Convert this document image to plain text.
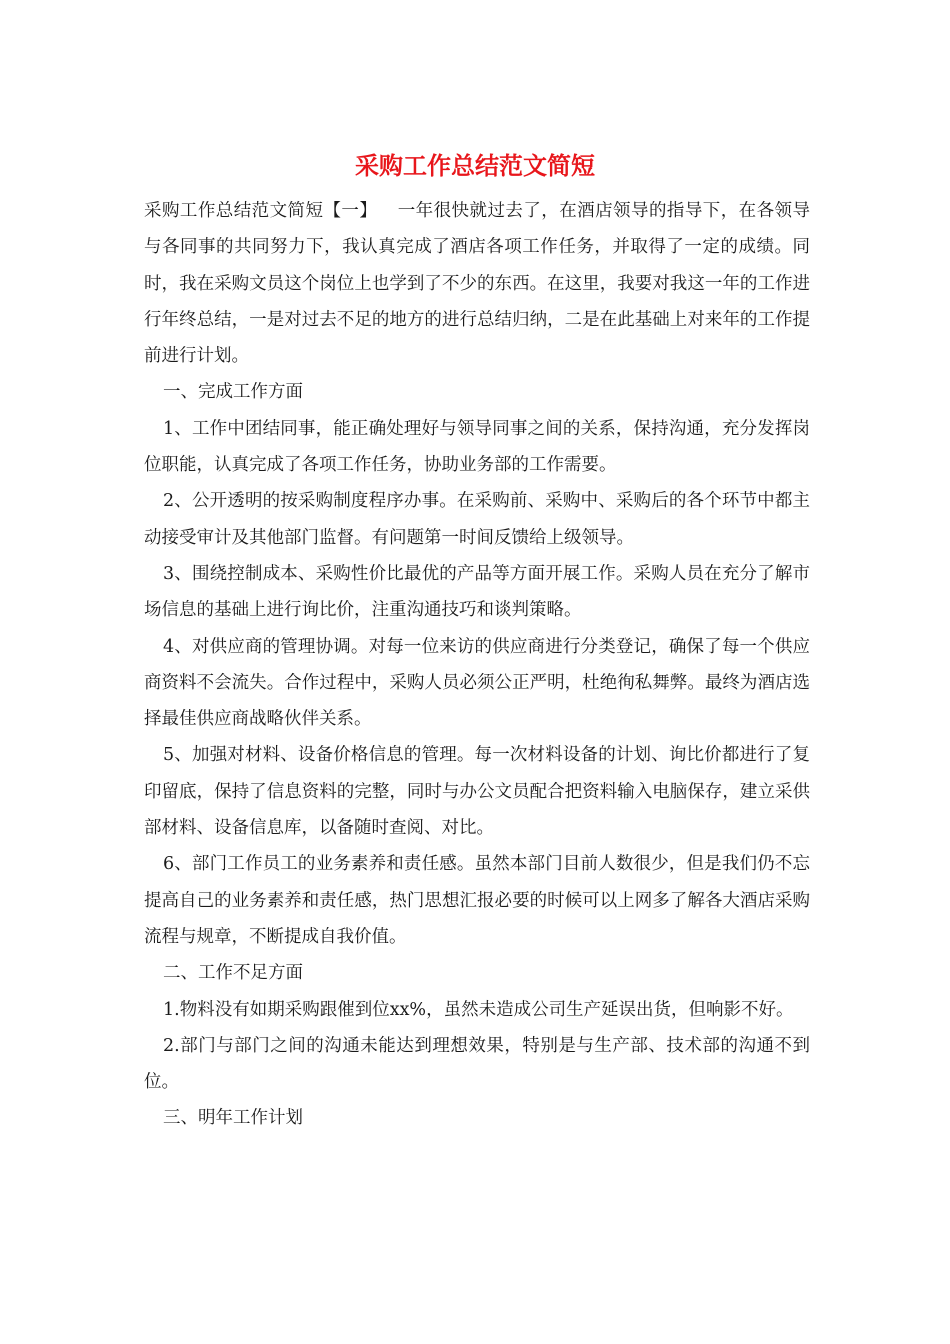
采购工作总结范文简短

采购工作总结范文简短【一】 一年很快就过去了，在酒店领导的指导下，在各领导与各同事的共同努力下，我认真完成了酒店各项工作任务，并取得了一定的成绩。同时，我在采购文员这个岗位上也学到了不少的东西。在这里，我要对我这一年的工作进行年终总结，一是对过去不足的地方的进行总结归纳，二是在此基础上对来年的工作提前进行计划。

一、完成工作方面

1、工作中团结同事，能正确处理好与领导同事之间的关系，保持沟通，充分发挥岗位职能，认真完成了各项工作任务，协助业务部的工作需要。

2、公开透明的按采购制度程序办事。在采购前、采购中、采购后的各个环节中都主动接受审计及其他部门监督。有问题第一时间反馈给上级领导。

3、围绕控制成本、采购性价比最优的产品等方面开展工作。采购人员在充分了解市场信息的基础上进行询比价，注重沟通技巧和谈判策略。

4、对供应商的管理协调。对每一位来访的供应商进行分类登记，确保了每一个供应商资料不会流失。合作过程中，采购人员必须公正严明，杜绝徇私舞弊。最终为酒店选择最佳供应商战略伙伴关系。

5、加强对材料、设备价格信息的管理。每一次材料设备的计划、询比价都进行了复印留底，保持了信息资料的完整，同时与办公文员配合把资料输入电脑保存，建立采供部材料、设备信息库，以备随时查阅、对比。

6、部门工作员工的业务素养和责任感。虽然本部门目前人数很少，但是我们仍不忘提高自己的业务素养和责任感，热门思想汇报必要的时候可以上网多了解各大酒店采购流程与规章，不断提成自我价值。

二、工作不足方面

1.物料没有如期采购跟催到位xx%，虽然未造成公司生产延误出货，但响影不好。

2.部门与部门之间的沟通未能达到理想效果，特别是与生产部、技术部的沟通不到位。

三、明年工作计划
